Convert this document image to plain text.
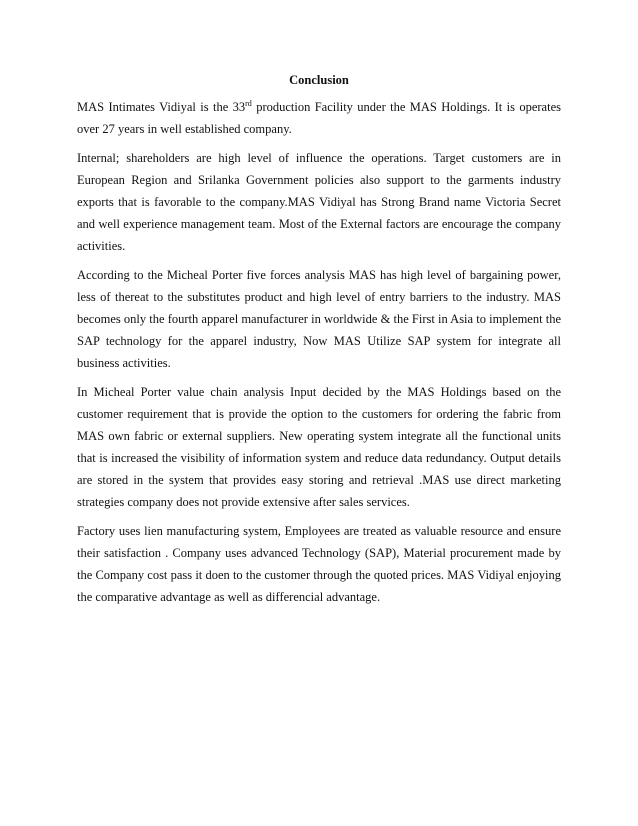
Conclusion

MAS Intimates Vidiyal is the 33rd production Facility under the MAS Holdings. It is operates over 27 years in well established company.

Internal; shareholders are high level of influence the operations. Target customers are in European Region and Srilanka Government policies also support to the garments industry exports that is favorable to the company.MAS Vidiyal has Strong Brand name Victoria Secret and well experience management team. Most of the External factors are encourage the company activities.

According to the Micheal Porter five forces analysis MAS has high level of bargaining power, less of thereat to the substitutes product and high level of entry barriers to the industry. MAS becomes only the fourth apparel manufacturer in worldwide & the First in Asia to implement the SAP technology for the apparel industry, Now MAS Utilize SAP system for integrate all business activities.

In Micheal Porter value chain analysis Input decided by the MAS Holdings based on the customer requirement that is provide the option to the customers for ordering the fabric from MAS own fabric or external suppliers. New operating system integrate all the functional units that is increased the visibility of information system and reduce data redundancy. Output details are stored in the system that provides easy storing and retrieval .MAS use direct marketing strategies company does not provide extensive after sales services.

Factory uses lien manufacturing system, Employees are treated as valuable resource and ensure their satisfaction . Company uses advanced Technology (SAP), Material procurement made by the Company cost pass it doen to the customer through the quoted prices. MAS Vidiyal enjoying the comparative advantage as well as differencial advantage.
